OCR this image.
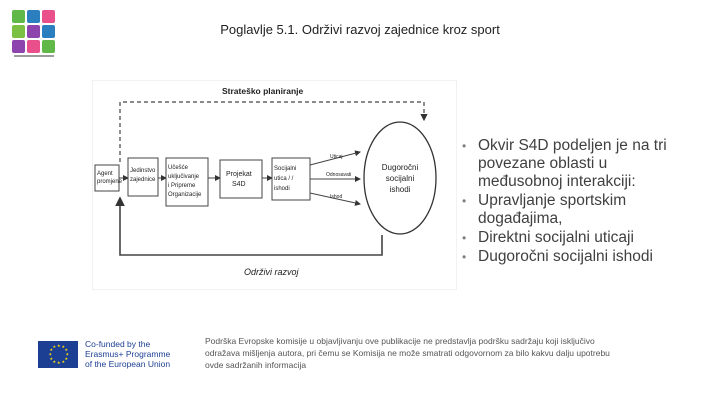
Poglavlje 5.1. Održivi razvoj zajednice kroz sport
Strateško planiranje
Održivi razvoj
Agent
promjene
Jedinstvo
zajednice
Učešće
uključivanje
i Pripreme
Organizacije
Projekat
S4D
Socijalni
utica / /
ishodi
Uticaj
Odnosavati
Ishod
Dugoročni
socijalni
ishodi
• Okvir S4D podeljen je na tri
povezane oblasti u
međusobnoj interakciji:
• Upravljanje sportskim
događajima,
• Direktni socijalni uticaji
• Dugoročni socijalni ishodi
★ ★
★
★
★
★
★
★
★
★
★
★	Co-funded by the
Erasmus+ Programme
of the European Union
Podrška Evropske komisije u objavljivanju ove publikacije ne predstavlja podršku sadržaju koji isključivo
odražava mišljenja autora, pri čemu se Komisija ne može smatrati odgovornom za bilo kakvu dalju upotrebu
ovde sadržanih informacija
